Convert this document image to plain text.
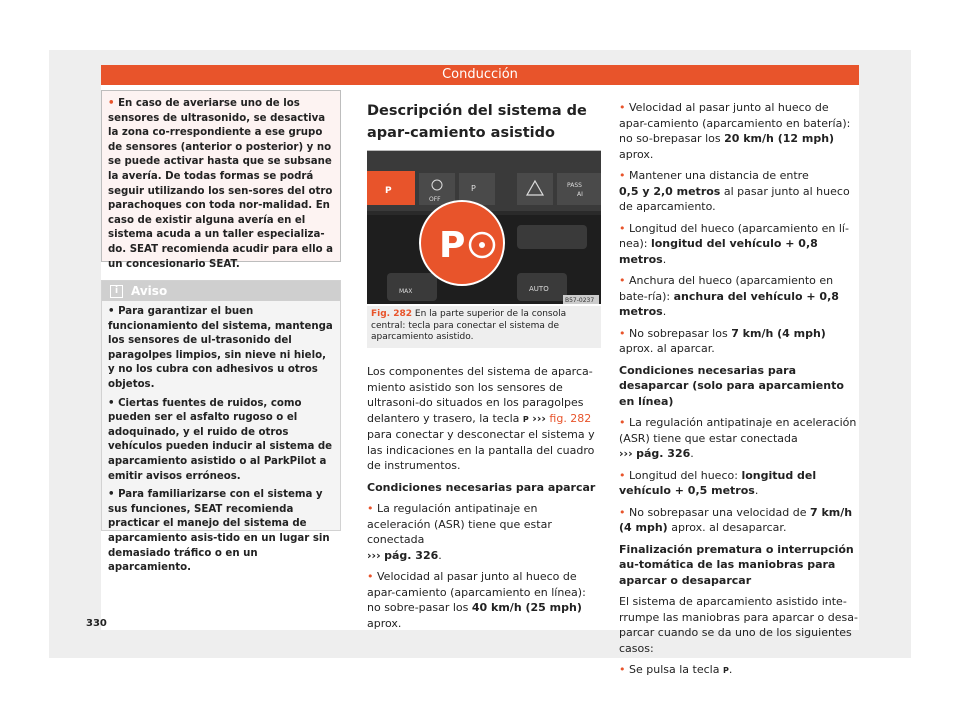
Conducción

• En caso de averiarse uno de los sensores de ultrasonido, se desactiva la zona co-rrespondiente a ese grupo de sensores (anterior o posterior) y no se puede activar hasta que se subsane la avería. De todas formas se podrá seguir utilizando los sen-sores del otro parachoques con toda nor-malidad. En caso de existir alguna avería en el sistema acuda a un taller especializa-do. SEAT recomienda acudir para ello a un concesionario SEAT.

i	Aviso

• Para garantizar el buen funcionamiento del sistema, mantenga los sensores de ul-trasonido del paragolpes limpios, sin nieve ni hielo, y no los cubra con adhesivos u otros objetos.

• Ciertas fuentes de ruidos, como pueden ser el asfalto rugoso o el adoquinado, y el ruido de otros vehículos pueden inducir al sistema de aparcamiento asistido o al ParkPilot a emitir avisos erróneos.

• Para familiarizarse con el sistema y sus funciones, SEAT recomienda practicar el manejo del sistema de aparcamiento asis-tido en un lugar sin demasiado tráfico o en un aparcamiento.

Descripción del sistema de apar-camiento asistido
P
OFF
P	PASS
AI
MAX	AUTO
P
B57-0237
Fig. 282 En la parte superior de la consola central: tecla para conectar el sistema de aparcamiento asistido.

Los componentes del sistema de aparca-miento asistido son los sensores de ultrasoni-do situados en los paragolpes delantero y trasero, la tecla P ››› fig. 282 para conectar y desconectar el sistema y las indicaciones en la pantalla del cuadro de instrumentos.

Condiciones necesarias para aparcar

• La regulación antipatinaje en aceleración (ASR) tiene que estar conectada
››› pág. 326.

• Velocidad al pasar junto al hueco de apar-camiento (aparcamiento en línea): no sobre-pasar los 40 km/h (25 mph) aprox.

• Velocidad al pasar junto al hueco de apar-camiento (aparcamiento en batería): no so-brepasar los 20 km/h (12 mph) aprox.

• Mantener una distancia de entre
0,5 y 2,0 metros al pasar junto al hueco de aparcamiento.

• Longitud del hueco (aparcamiento en lí-nea): longitud del vehículo + 0,8 metros.

• Anchura del hueco (aparcamiento en bate-ría): anchura del vehículo + 0,8 metros.

• No sobrepasar los 7 km/h (4 mph) aprox. al aparcar.

Condiciones necesarias para desaparcar (solo para aparcamiento en línea)

• La regulación antipatinaje en aceleración (ASR) tiene que estar conectada
››› pág. 326.

• Longitud del hueco: longitud del vehículo + 0,5 metros.

• No sobrepasar una velocidad de 7 km/h (4 mph) aprox. al desaparcar.

Finalización prematura o interrupción au-tomática de las maniobras para aparcar o desaparcar

El sistema de aparcamiento asistido inte-rrumpe las maniobras para aparcar o desa-parcar cuando se da uno de los siguientes casos:

• Se pulsa la tecla P.

330
